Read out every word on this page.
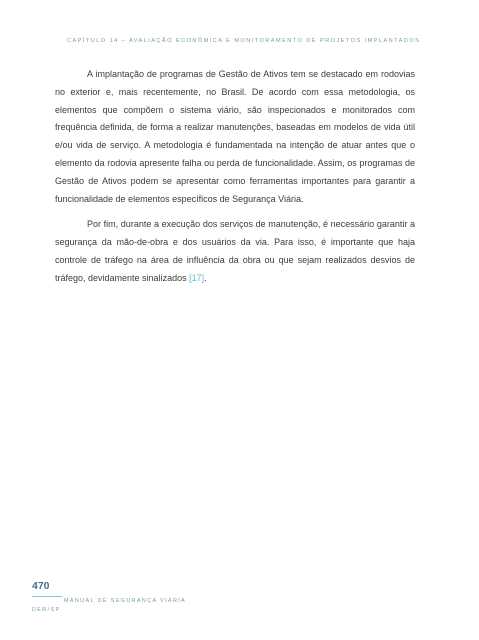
CAPÍTULO 14 – AVALIAÇÃO ECONÔMICA E MONITORAMENTO DE PROJETOS IMPLANTADOS

A implantação de programas de Gestão de Ativos tem se destacado em rodovias no exterior e, mais recentemente, no Brasil. De acordo com essa metodologia, os elementos que compõem o sistema viário, são inspecionados e monitorados com frequência definida, de forma a realizar manutenções, baseadas em modelos de vida útil e/ou vida de serviço. A metodologia é fundamentada na intenção de atuar antes que o elemento da rodovia apresente falha ou perda de funcionalidade. Assim, os programas de Gestão de Ativos podem se apresentar como ferramentas importantes para garantir a funcionalidade de elementos específicos de Segurança Viária.

Por fim, durante a execução dos serviços de manutenção, é necessário garantir a segurança da mão-de-obra e dos usuários da via. Para isso, é importante que haja controle de tráfego na área de influência da obra ou que sejam realizados desvios de tráfego, devidamente sinalizados [17].

470
MANUAL DE SEGURANÇA VIÁRIA
DER/SP
